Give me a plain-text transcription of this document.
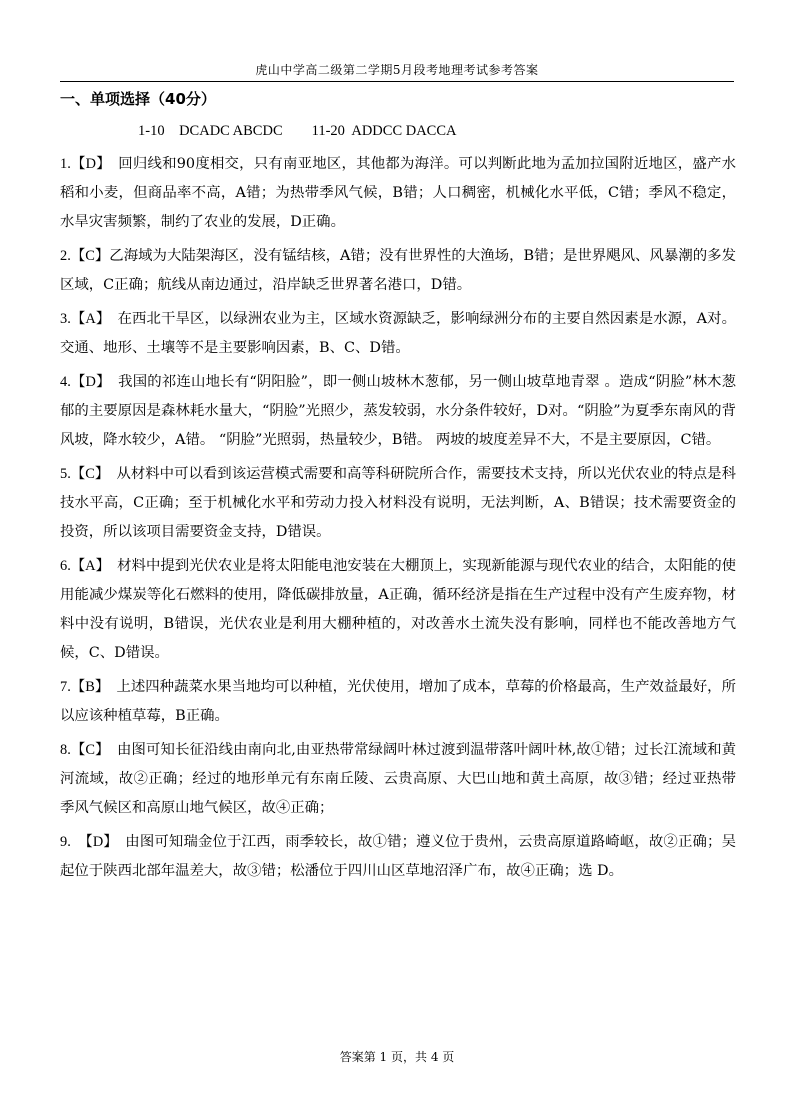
虎山中学高二级第二学期5月段考地理考试参考答案
一、单项选择（40分）
1-10    DCADC ABCDC        11-20  ADDCC DACCA

1.【D】　回归线和90度相交，只有南亚地区，其他都为海洋。可以判断此地为孟加拉国附近地区，盛产水稻和小麦，但商品率不高，A错；为热带季风气候，B错；人口稠密，机械化水平低，C错；季风不稳定，水旱灾害频繁，制约了农业的发展，D正确。

2.【C】乙海域为大陆架海区，没有锰结核，A错；没有世界性的大渔场，B错；是世界飓风、风暴潮的多发区域，C正确；航线从南边通过，沿岸缺乏世界著名港口，D错。

3.【A】　在西北干旱区，以绿洲农业为主，区域水资源缺乏，影响绿洲分布的主要自然因素是水源，A对。交通、地形、土壤等不是主要影响因素，B、C、D错。

4.【D】　我国的祁连山地长有“阴阳脸”，即一侧山坡林木葱郁，另一侧山坡草地青翠 。造成“阴脸”林木葱郁的主要原因是森林耗水量大，“阴脸”光照少，蒸发较弱，水分条件较好，D对。“阴脸”为夏季东南风的背风坡，降水较少，A错。 “阴脸”光照弱，热量较少，B错。 两坡的坡度差异不大，不是主要原因，C错。

5.【C】　从材料中可以看到该运营模式需要和高等科研院所合作，需要技术支持，所以光伏农业的特点是科技水平高，C正确；至于机械化水平和劳动力投入材料没有说明，无法判断，A、B错误；技术需要资金的投资，所以该项目需要资金支持，D错误。

6.【A】　材料中提到光伏农业是将太阳能电池安装在大棚顶上，实现新能源与现代农业的结合，太阳能的使用能减少煤炭等化石燃料的使用，降低碳排放量，A正确，循环经济是指在生产过程中没有产生废弃物，材料中没有说明，B错误，光伏农业是利用大棚种植的，对改善水土流失没有影响，同样也不能改善地方气候，C、D错误。

7.【B】　上述四种蔬菜水果当地均可以种植，光伏使用，增加了成本，草莓的价格最高，生产效益最好，所以应该种植草莓，B正确。

8.【C】　由图可知长征沿线由南向北,由亚热带常绿阔叶林过渡到温带落叶阔叶林,故①错；过长江流域和黄河流域，故②正确；经过的地形单元有东南丘陵、云贵高原、大巴山地和黄土高原，故③错；经过亚热带季风气候区和高原山地气候区，故④正确；

9.　【D】　由图可知瑞金位于江西，雨季较长，故①错；遵义位于贵州，云贵高原道路崎岖，故②正确；吴起位于陕西北部年温差大，故③错；松潘位于四川山区草地沼泽广布，故④正确；选 D。

答案第 1 页，共 4 页
